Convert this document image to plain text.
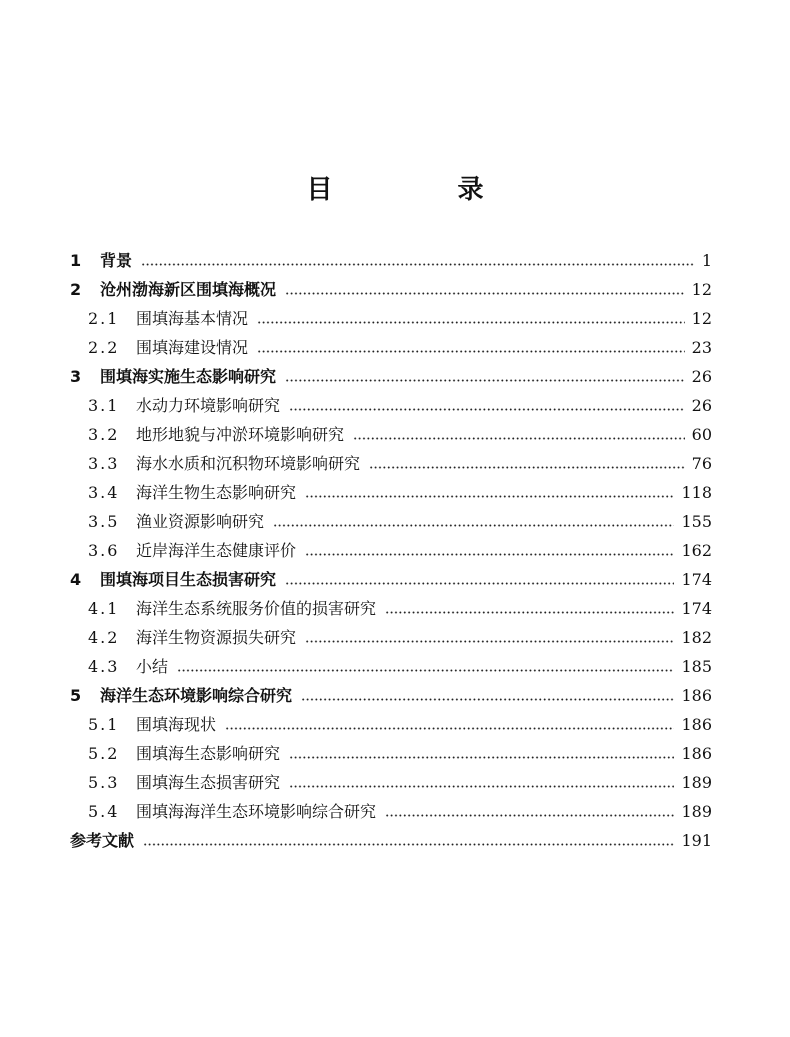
目 录
1	背景	1
2	沧州渤海新区围填海概况	12
2.1	围填海基本情况	12
2.2	围填海建设情况	23
3	围填海实施生态影响研究	26
3.1	水动力环境影响研究	26
3.2	地形地貌与冲淤环境影响研究	60
3.3	海水水质和沉积物环境影响研究	76
3.4	海洋生物生态影响研究	118
3.5	渔业资源影响研究	155
3.6	近岸海洋生态健康评价	162
4	围填海项目生态损害研究	174
4.1	海洋生态系统服务价值的损害研究	174
4.2	海洋生物资源损失研究	182
4.3	小结	185
5	海洋生态环境影响综合研究	186
5.1	围填海现状	186
5.2	围填海生态影响研究	186
5.3	围填海生态损害研究	189
5.4	围填海海洋生态环境影响综合研究	189
参考文献	191
